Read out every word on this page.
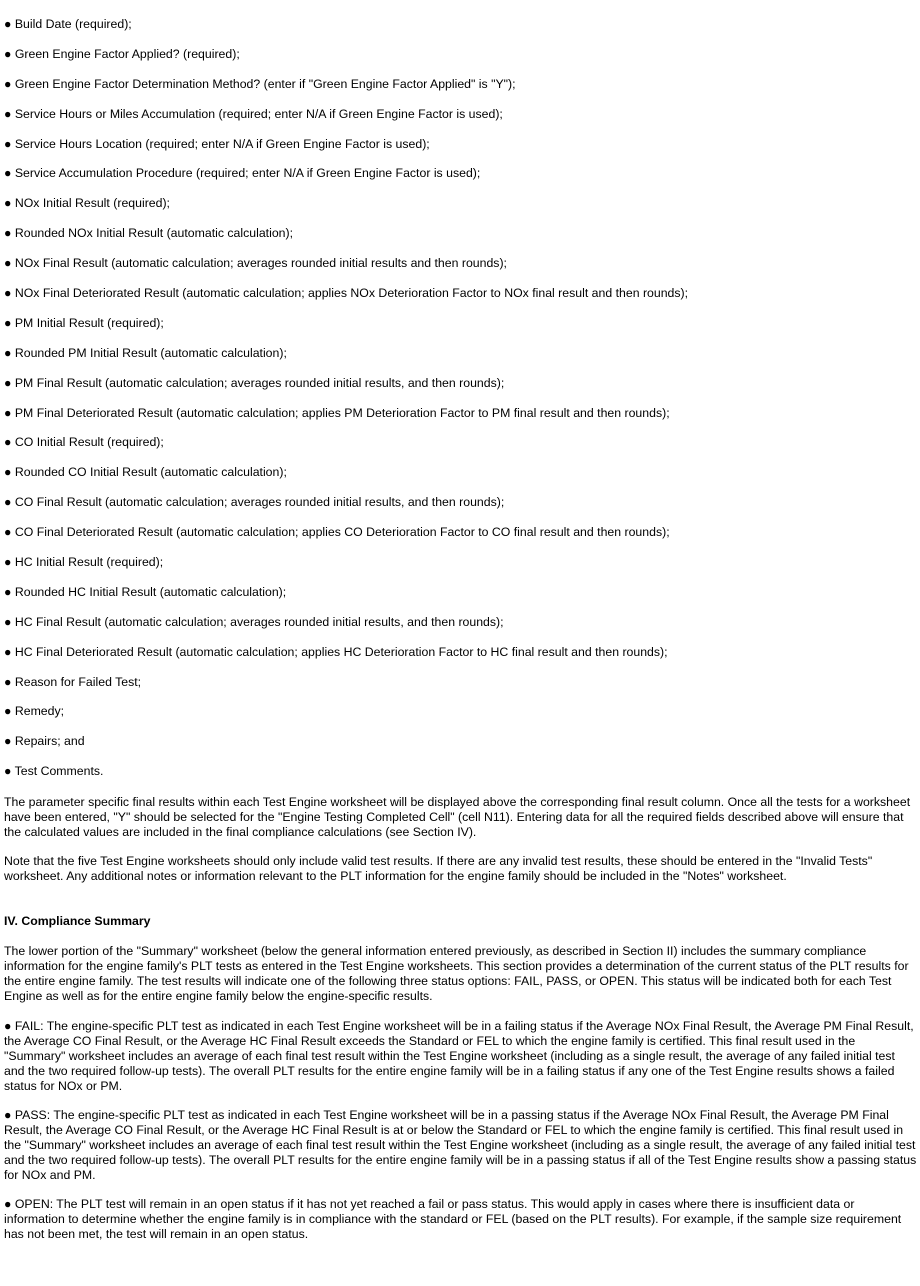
● Build Date (required);
● Green Engine Factor Applied? (required);
● Green Engine Factor Determination Method? (enter if "Green Engine Factor Applied" is "Y");
● Service Hours or Miles Accumulation (required; enter N/A if Green Engine Factor is used);
● Service Hours Location (required; enter N/A if Green Engine Factor is used);
● Service Accumulation Procedure (required; enter N/A if Green Engine Factor is used);
● NOx Initial Result (required);
● Rounded NOx Initial Result (automatic calculation);
● NOx Final Result (automatic calculation; averages rounded initial results and then rounds);
● NOx Final Deteriorated Result (automatic calculation; applies NOx Deterioration Factor to NOx final result and then rounds);
● PM Initial Result (required);
● Rounded PM Initial Result (automatic calculation);
● PM Final Result (automatic calculation; averages rounded initial results, and then rounds);
● PM Final Deteriorated Result (automatic calculation; applies PM Deterioration Factor to PM final result and then rounds);
● CO Initial Result (required);
● Rounded CO Initial Result (automatic calculation);
● CO Final Result (automatic calculation; averages rounded initial results, and then rounds);
● CO Final Deteriorated Result (automatic calculation; applies CO Deterioration Factor to CO final result and then rounds);
● HC Initial Result (required);
● Rounded HC Initial Result (automatic calculation);
● HC Final Result (automatic calculation; averages rounded initial results, and then rounds);
● HC Final Deteriorated Result (automatic calculation; applies HC Deterioration Factor to HC final result and then rounds);
● Reason for Failed Test;
● Remedy;
● Repairs; and
● Test Comments.

The parameter specific final results within each Test Engine worksheet will be displayed above the corresponding final result column. Once all the tests for a worksheet have been entered, "Y" should be selected for the "Engine Testing Completed Cell" (cell N11). Entering data for all the required fields described above will ensure that the calculated values are included in the final compliance calculations (see Section IV).

Note that the five Test Engine worksheets should only include valid test results. If there are any invalid test results, these should be entered in the "Invalid Tests" worksheet. Any additional notes or information relevant to the PLT information for the engine family should be included in the "Notes" worksheet.

IV. Compliance Summary

The lower portion of the "Summary" worksheet (below the general information entered previously, as described in Section II) includes the summary compliance information for the engine family's PLT tests as entered in the Test Engine worksheets. This section provides a determination of the current status of the PLT results for the entire engine family. The test results will indicate one of the following three status options: FAIL, PASS, or OPEN. This status will be indicated both for each Test Engine as well as for the entire engine family below the engine-specific results.

● FAIL: The engine-specific PLT test as indicated in each Test Engine worksheet will be in a failing status if the Average NOx Final Result, the Average PM Final Result, the Average CO Final Result, or the Average HC Final Result exceeds the Standard or FEL to which the engine family is certified. This final result used in the "Summary" worksheet includes an average of each final test result within the Test Engine worksheet (including as a single result, the average of any failed initial test and the two required follow-up tests). The overall PLT results for the entire engine family will be in a failing status if any one of the Test Engine results shows a failed status for NOx or PM.

● PASS: The engine-specific PLT test as indicated in each Test Engine worksheet will be in a passing status if the Average NOx Final Result, the Average PM Final Result, the Average CO Final Result, or the Average HC Final Result is at or below the Standard or FEL to which the engine family is certified. This final result used in the "Summary" worksheet includes an average of each final test result within the Test Engine worksheet (including as a single result, the average of any failed initial test and the two required follow-up tests). The overall PLT results for the entire engine family will be in a passing status if all of the Test Engine results show a passing status for NOx and PM.

● OPEN: The PLT test will remain in an open status if it has not yet reached a fail or pass status. This would apply in cases where there is insufficient data or information to determine whether the engine family is in compliance with the standard or FEL (based on the PLT results). For example, if the sample size requirement has not been met, the test will remain in an open status.
